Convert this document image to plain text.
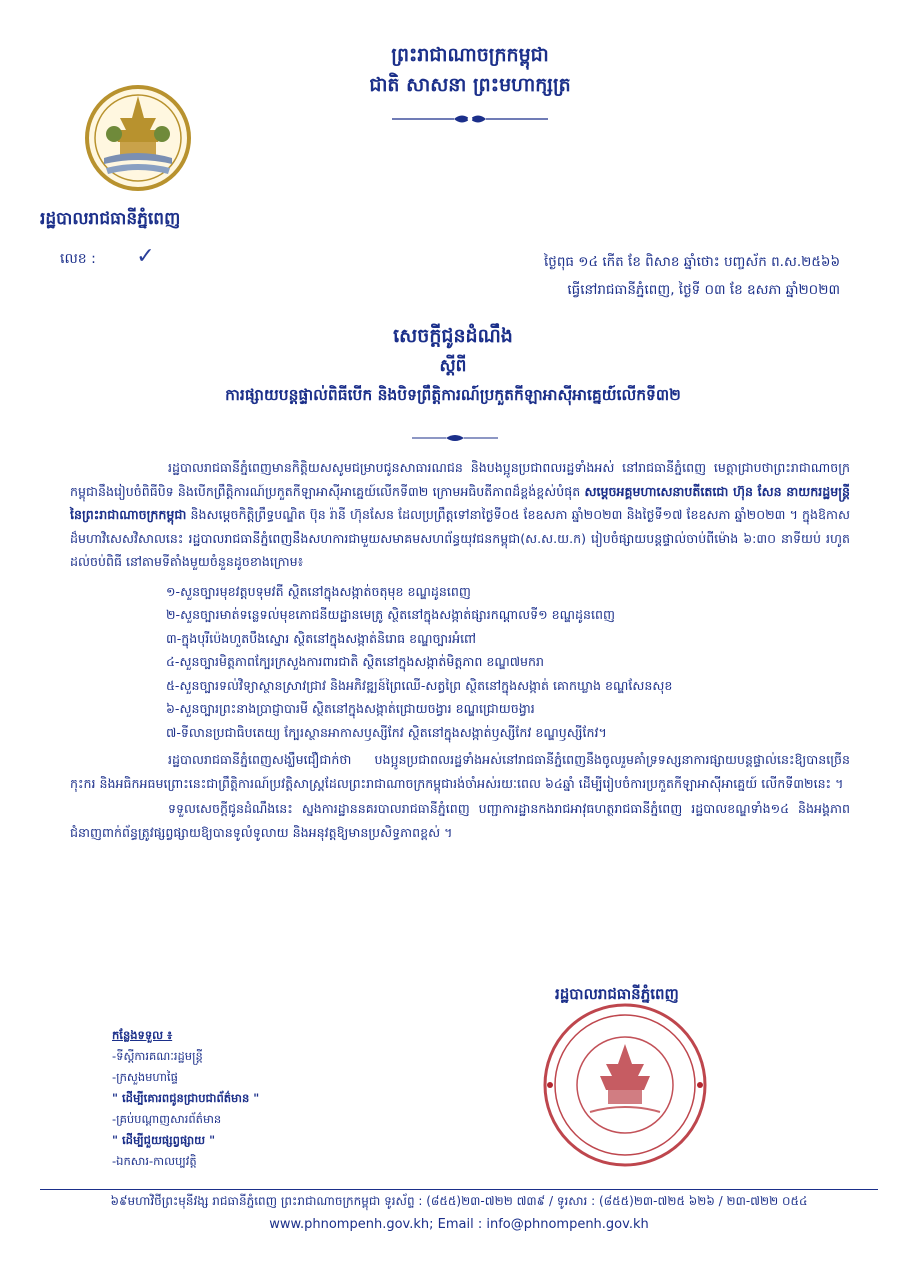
ព្រះរាជាណាចក្រកម្ពុជា
ជាតិ សាសនា ព្រះមហាក្សត្រ
រដ្ឋបាលរាជធានីភ្នំពេញ
លេខ : ✓	ថ្ងៃពុធ ១៤ កើត ខែ ពិសាខ ឆ្នាំថោះ បញ្ចស័ក ព.ស.២៥៦៦
ធ្វើនៅរាជធានីភ្នំពេញ, ថ្ងៃទី ០៣ ខែ ឧសភា ឆ្នាំ២០២៣
សេចក្ដីជូនដំណឹង
ស្ដីពី
ការផ្សាយបន្តផ្ទាល់ពិធីបើក និងបិទព្រឹត្តិការណ៍ប្រកួតកីឡាអាស៊ីអាគ្នេយ៍លើកទី៣២

រដ្ឋបាលរាជធានីភ្នំពេញមានកិត្តិយសសូមជម្រាបជូនសាធារណជន និងបងប្អូនប្រជាពលរដ្ឋទាំងអស់ នៅរាជធានីភ្នំពេញ មេត្តាជ្រាបថាព្រះរាជាណាចក្រកម្ពុជានឹងរៀបចំពិធីបិទ និងបើកព្រឹត្តិការណ៍ប្រកួតកីឡាអាស៊ីអាគ្នេយ៍លើកទី៣២ ក្រោមអធិបតីភាពដ៏ខ្ពង់ខ្ពស់បំផុត សម្ដេចអគ្គមហាសេនាបតីតេជោ ហ៊ុន សែន នាយករដ្ឋមន្ត្រី នៃព្រះរាជាណាចក្រកម្ពុជា និងសម្ដេចកិត្តិព្រឹទ្ធបណ្ឌិត ប៊ុន រ៉ានី ហ៊ុនសែន ដែលប្រព្រឹត្តទៅនាថ្ងៃទី០៥ ខែឧសភា ឆ្នាំ២០២៣ និងថ្ងៃទី១៧ ខែឧសភា ឆ្នាំ២០២៣ ។ ក្នុងឱកាសដ៏មហាវិសេសវិសាលនេះ រដ្ឋបាលរាជធានីភ្នំពេញនឹងសហការជាមួយសមាគមសហព័ន្ធយុវជនកម្ពុជា(ស.ស.យ.ក) រៀបចំផ្សាយបន្តផ្ទាល់ចាប់ពីម៉ោង ៦:៣០ នាទីយប់ រហូតដល់ចប់ពិធី នៅតាមទីតាំងមួយចំនួនដូចខាងក្រោម៖

១-សួនច្បារមុខវត្តបទុមវតី ស្ថិតនៅក្នុងសង្កាត់ចតុមុខ ខណ្ឌដូនពេញ
២-សួនច្បារមាត់ទន្លេទល់មុខភោជនីយដ្ឋានមេត្រូ ស្ថិតនៅក្នុងសង្កាត់ផ្សារកណ្ដាលទី១ ខណ្ឌដូនពេញ
៣-ក្នុងបុរីប៉េងហួតបឹងស្នោរ ស្ថិតនៅក្នុងសង្កាត់និរោធ ខណ្ឌច្បារអំពៅ
៤-សួនច្បារមិត្តភាពក្បែរក្រសួងការពារជាតិ ស្ថិតនៅក្នុងសង្កាត់មិត្តភាព ខណ្ឌ៧មករា
៥-សួនច្បារទល់វិទ្យាស្ថានស្រាវជ្រាវ និងអភិវឌ្ឍន៍ព្រៃឈើ-សត្វព្រៃ ស្ថិតនៅក្នុងសង្កាត់ គោកឃ្លាង ខណ្ឌសែនសុខ
៦-សួនច្បារព្រះនាងប្រាជ្ញាបារមី ស្ថិតនៅក្នុងសង្កាត់ជ្រោយចង្វារ ខណ្ឌជ្រោយចង្វារ
៧-ទីលានប្រជាធិបតេយ្យ ក្បែរស្ថានអាកាសឫស្សីកែវ ស្ថិតនៅក្នុងសង្កាត់ឫស្សីកែវ ខណ្ឌឫស្សីកែវ។

រដ្ឋបាលរាជធានីភ្នំពេញសង្ឃឹមជឿជាក់ថា បងប្អូនប្រជាពលរដ្ឋទាំងអស់នៅរាជធានីភ្នំពេញនឹងចូលរួមគាំទ្រទស្សនាការផ្សាយបន្តផ្ទាល់នេះឱ្យបានច្រើនកុះករ និងអធិកអធមព្រោះនេះជាព្រឹត្តិការណ៍ប្រវត្តិសាស្ត្រដែលព្រះរាជាណាចក្រកម្ពុជារង់ចាំអស់រយៈពេល ៦៤ឆ្នាំ ដើម្បីរៀបចំការប្រកួតកីឡាអាស៊ីអាគ្នេយ៍ លើកទី៣២នេះ ។

ទទួលសេចក្ដីជូនដំណឹងនេះ ស្នងការដ្ឋាននគរបាលរាជធានីភ្នំពេញ បញ្ជាការដ្ឋានកងរាជអាវុធហត្ថរាជធានីភ្នំពេញ រដ្ឋបាលខណ្ឌទាំង១៤ និងអង្គភាពជំនាញពាក់ព័ន្ធត្រូវផ្សព្វផ្សាយឱ្យបានទូលំទូលាយ និងអនុវត្តឱ្យមានប្រសិទ្ធភាពខ្ពស់ ។

រដ្ឋបាលរាជធានីភ្នំពេញ
កន្លែងទទួល ៖
-ទីស្ដីការគណៈរដ្ឋមន្ត្រី
-ក្រសួងមហាផ្ទៃ
" ដើម្បីគោរពជូនជ្រាបជាព័ត៌មាន "
-គ្រប់បណ្ដាញសារព័ត៌មាន
" ដើម្បីជួយផ្សព្វផ្សាយ "
-ឯកសារ-កាលប្បវត្តិ
៦៩មហាវិថីព្រះមុនីវង្ស រាជធានីភ្នំពេញ ព្រះរាជាណាចក្រកម្ពុជា ទូរស័ព្ទ : (៨៥៥)២៣-៧២២ ៧៣៩ / ទូរសារ : (៨៥៥)២៣-៧២៥ ៦២៦ / ២៣-៧២២ ០៥៤
www.phnompenh.gov.kh; Email : info@phnompenh.gov.kh
